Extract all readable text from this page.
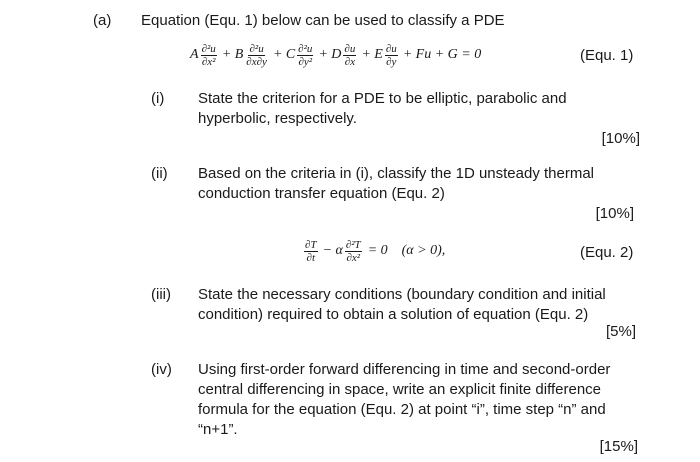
(a) Equation (Equ. 1) below can be used to classify a PDE
A $\frac{\text{∂²u}}{\text{∂x²}} + B \frac{\text{∂²u}}{\partial x\partial y} + C \frac{\text{∂²u}}{\text{∂y²}} + D \frac{\partial u}{\partial x} + E \frac{\partial u}{\partial y} + Fu + G = 0$	(Equ. 1)
(i) State the criterion for a PDE to be elliptic, parabolic and
hyperbolic, respectively.
[10%]
(ii) Based on the criteria in (i), classify the 1D unsteady thermal
conduction transfer equation (Equ. 2)
[10%]
$\frac{\partial T}{\partial t} - \alpha \frac{\text{∂²T}}{\text{∂x²}} = 0$ (α > 0),	(Equ. 2)
(iii) State the necessary conditions (boundary condition and initial
condition) required to obtain a solution of equation (Equ. 2)
[5%]
(iv) Using first-order forward differencing in time and second-order
central differencing in space, write an explicit finite difference
formula for the equation (Equ. 2) at point “i”, time step “n” and
“n+1”.
[15%]
